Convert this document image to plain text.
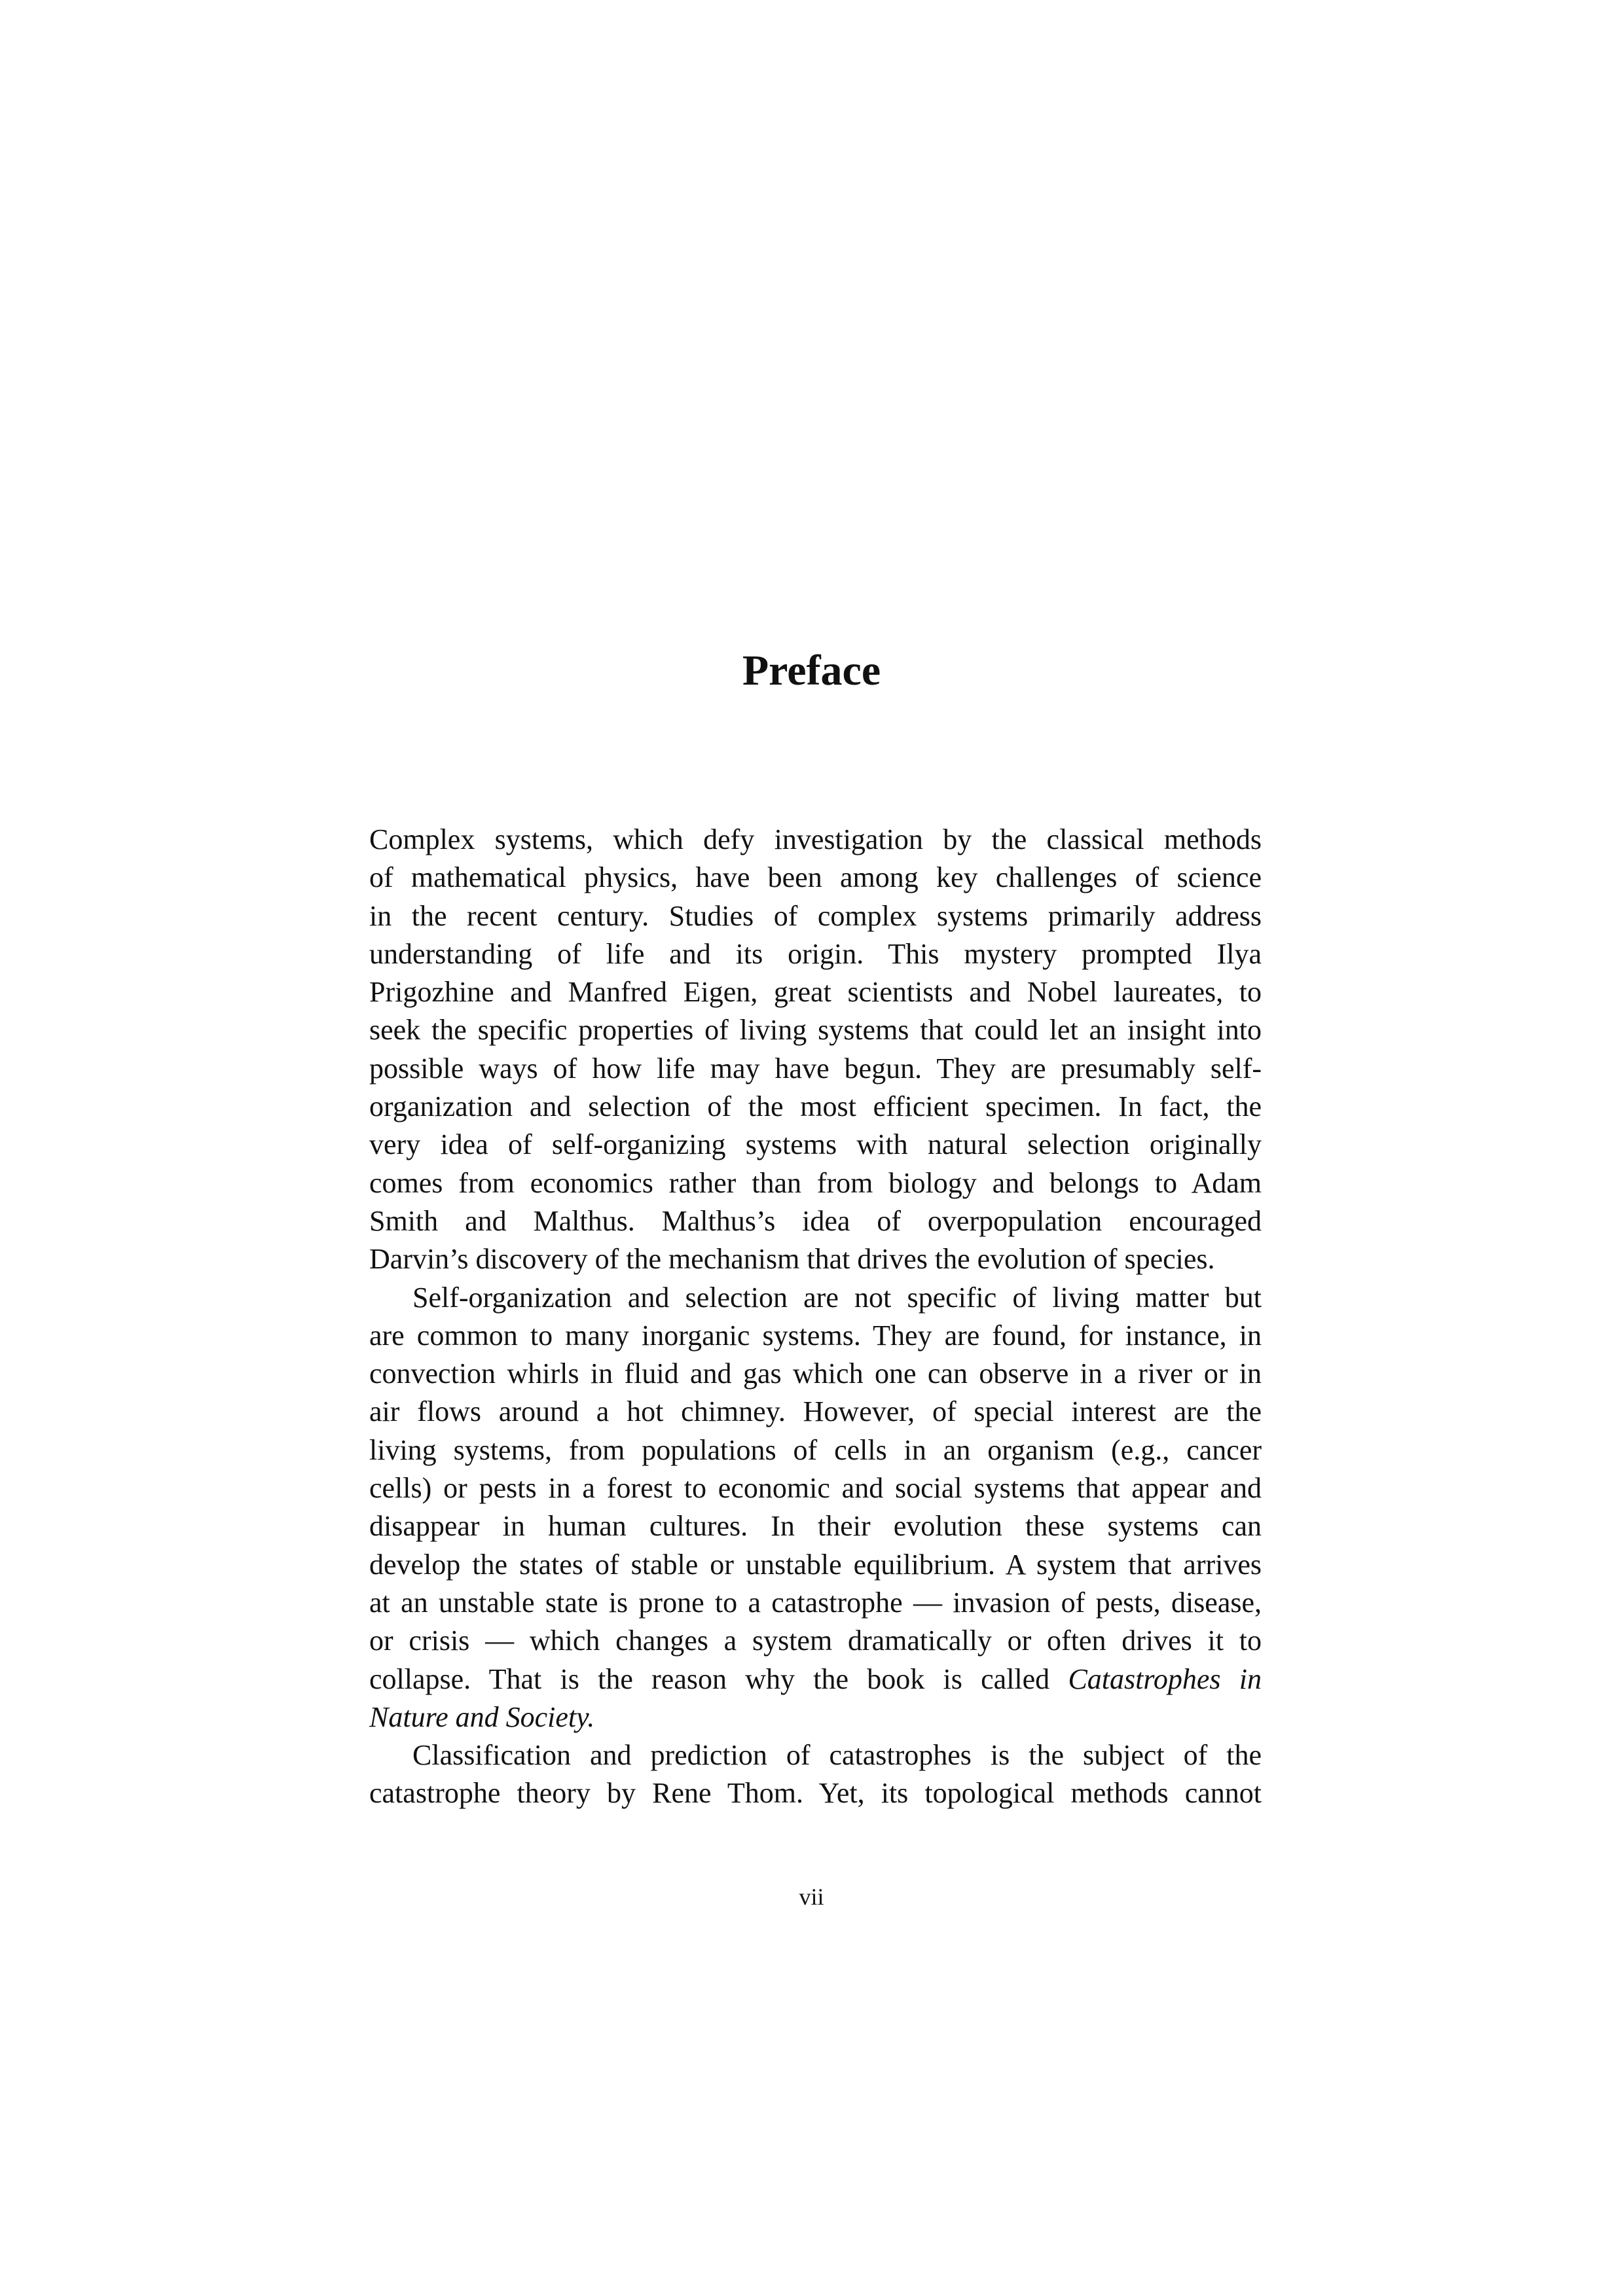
Preface
Complex systems, which defy investigation by the classical methods
of mathematical physics, have been among key challenges of science
in the recent century. Studies of complex systems primarily address
understanding of life and its origin. This mystery prompted Ilya
Prigozhine and Manfred Eigen, great scientists and Nobel laureates, to
seek the specific properties of living systems that could let an insight into
possible ways of how life may have begun. They are presumably self-
organization and selection of the most efficient specimen. In fact, the
very idea of self-organizing systems with natural selection originally
comes from economics rather than from biology and belongs to Adam
Smith and Malthus. Malthus’s idea of overpopulation encouraged
Darvin’s discovery of the mechanism that drives the evolution of species.
Self-organization and selection are not specific of living matter but
are common to many inorganic systems. They are found, for instance, in
convection whirls in fluid and gas which one can observe in a river or in
air flows around a hot chimney. However, of special interest are the
living systems, from populations of cells in an organism (e.g., cancer
cells) or pests in a forest to economic and social systems that appear and
disappear in human cultures. In their evolution these systems can
develop the states of stable or unstable equilibrium. A system that arrives
at an unstable state is prone to a catastrophe — invasion of pests, disease,
or crisis — which changes a system dramatically or often drives it to
collapse. That is the reason why the book is called Catastrophes in
Nature and Society.
Classification and prediction of catastrophes is the subject of the
catastrophe theory by Rene Thom. Yet, its topological methods cannot
vii
